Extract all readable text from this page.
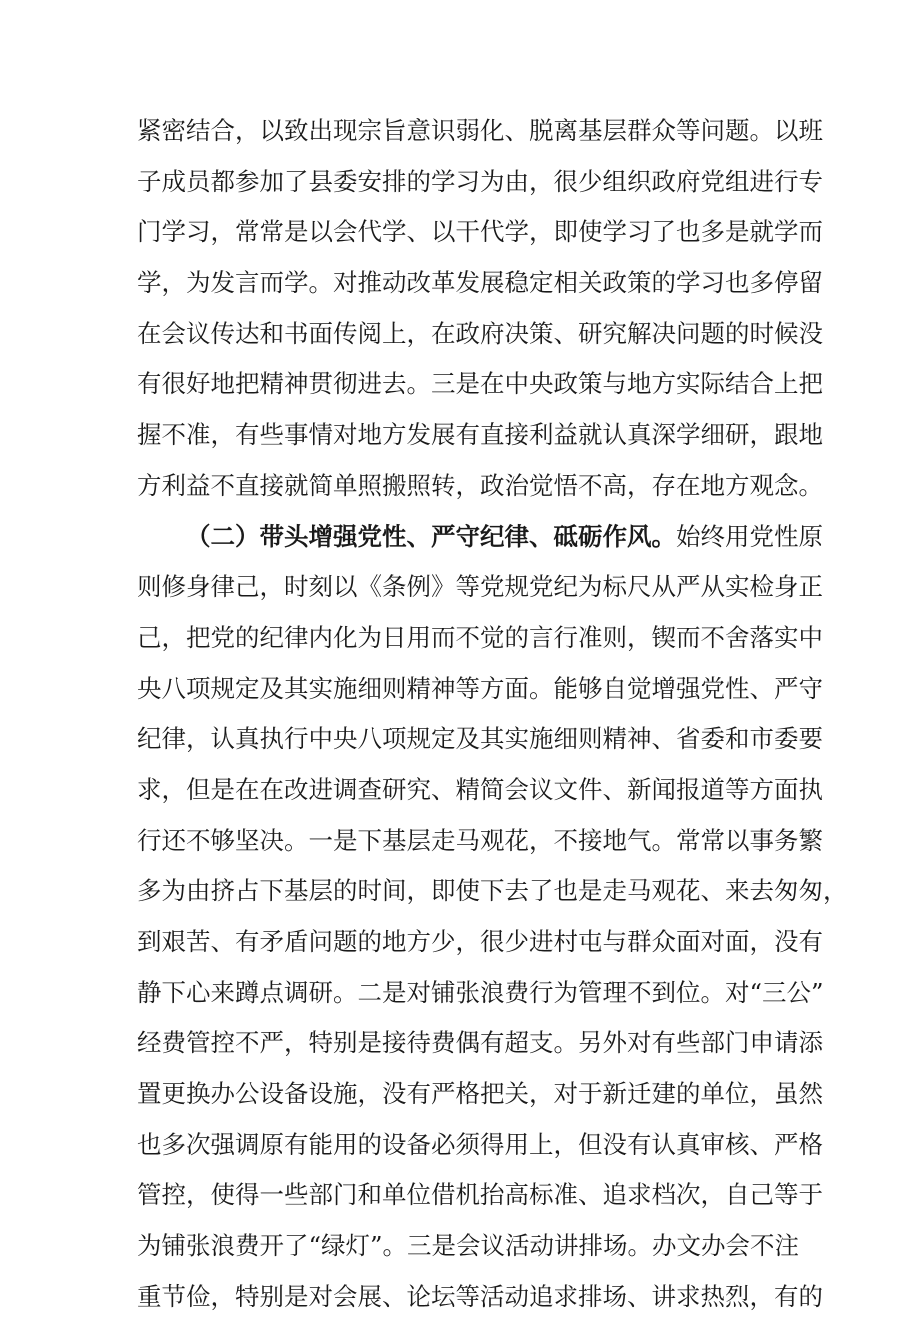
紧密结合，以致出现宗旨意识弱化、脱离基层群众等问题。以班
子成员都参加了县委安排的学习为由，很少组织政府党组进行专
门学习，常常是以会代学、以干代学，即使学习了也多是就学而
学，为发言而学。对推动改革发展稳定相关政策的学习也多停留
在会议传达和书面传阅上，在政府决策、研究解决问题的时候没
有很好地把精神贯彻进去。三是在中央政策与地方实际结合上把
握不准，有些事情对地方发展有直接利益就认真深学细研，跟地
方利益不直接就简单照搬照转，政治觉悟不高，存在地方观念。
（二）带头增强党性、严守纪律、砥砺作风。始终用党性原
则修身律己，时刻以《条例》等党规党纪为标尺从严从实检身正
己，把党的纪律内化为日用而不觉的言行准则，锲而不舍落实中
央八项规定及其实施细则精神等方面。能够自觉增强党性、严守
纪律，认真执行中央八项规定及其实施细则精神、省委和市委要
求，但是在在改进调查研究、精简会议文件、新闻报道等方面执
行还不够坚决。一是下基层走马观花，不接地气。常常以事务繁
多为由挤占下基层的时间，即使下去了也是走马观花、来去匆匆，
到艰苦、有矛盾问题的地方少，很少进村屯与群众面对面，没有
静下心来蹲点调研。二是对铺张浪费行为管理不到位。对“三公”
经费管控不严，特别是接待费偶有超支。另外对有些部门申请添
置更换办公设备设施，没有严格把关，对于新迁建的单位，虽然
也多次强调原有能用的设备必须得用上，但没有认真审核、严格
管控，使得一些部门和单位借机抬高标准、追求档次，自己等于
为铺张浪费开了“绿灯”。三是会议活动讲排场。办文办会不注
重节俭，特别是对会展、论坛等活动追求排场、讲求热烈，有的
